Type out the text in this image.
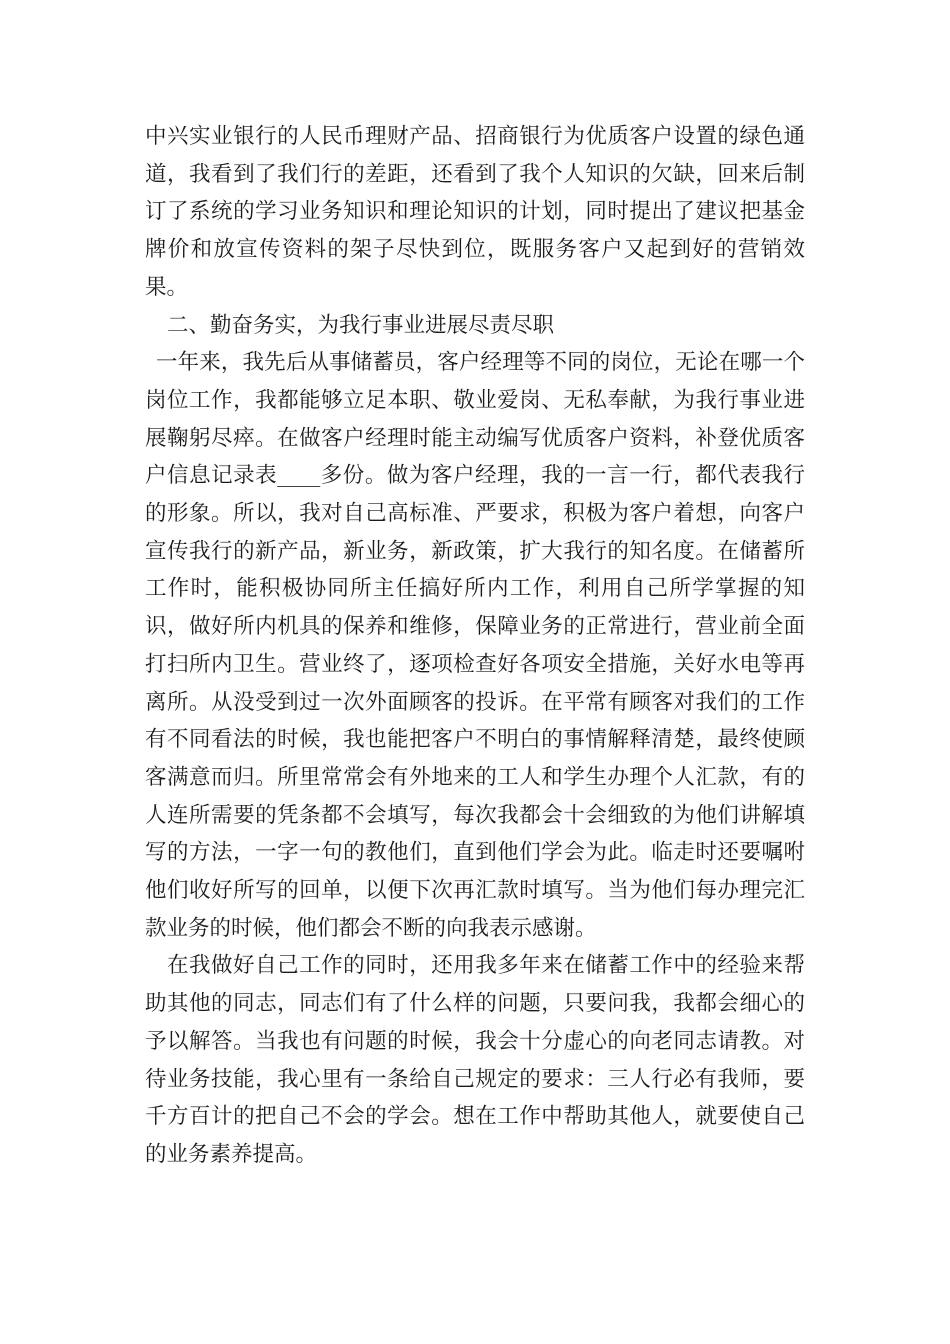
中兴实业银行的人民币理财产品、招商银行为优质客户设置的绿色通道，我看到了我们行的差距，还看到了我个人知识的欠缺，回来后制订了系统的学习业务知识和理论知识的计划，同时提出了建议把基金牌价和放宣传资料的架子尽快到位，既服务客户又起到好的营销效果。

二、勤奋务实，为我行事业进展尽责尽职

一年来，我先后从事储蓄员，客户经理等不同的岗位，无论在哪一个岗位工作，我都能够立足本职、敬业爱岗、无私奉献，为我行事业进展鞠躬尽瘁。在做客户经理时能主动编写优质客户资料，补登优质客户信息记录表____多份。做为客户经理，我的一言一行，都代表我行的形象。所以，我对自己高标准、严要求，积极为客户着想，向客户宣传我行的新产品，新业务，新政策，扩大我行的知名度。在储蓄所工作时，能积极协同所主任搞好所内工作，利用自己所学掌握的知识，做好所内机具的保养和维修，保障业务的正常进行，营业前全面打扫所内卫生。营业终了，逐项检查好各项安全措施，关好水电等再离所。从没受到过一次外面顾客的投诉。在平常有顾客对我们的工作有不同看法的时候，我也能把客户不明白的事情解释清楚，最终使顾客满意而归。所里常常会有外地来的工人和学生办理个人汇款，有的人连所需要的凭条都不会填写，每次我都会十会细致的为他们讲解填写的方法，一字一句的教他们，直到他们学会为此。临走时还要嘱咐他们收好所写的回单，以便下次再汇款时填写。当为他们每办理完汇款业务的时候，他们都会不断的向我表示感谢。

在我做好自己工作的同时，还用我多年来在储蓄工作中的经验来帮助其他的同志，同志们有了什么样的问题，只要问我，我都会细心的予以解答。当我也有问题的时候，我会十分虚心的向老同志请教。对待业务技能，我心里有一条给自己规定的要求：三人行必有我师，要千方百计的把自己不会的学会。想在工作中帮助其他人，就要使自己的业务素养提高。
